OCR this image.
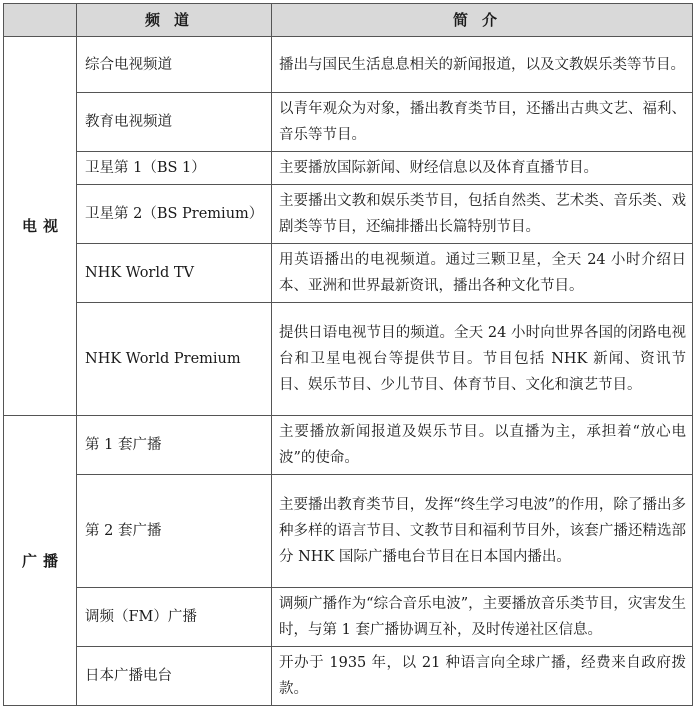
	频道	简介
电视	综合电视频道	播出与国民生活息息相关的新闻报道，以及文教娱乐类等节目。
	教育电视频道	以青年观众为对象，播出教育类节目，还播出古典文艺、福利、音乐等节目。
	卫星第 1（BS 1）	主要播放国际新闻、财经信息以及体育直播节目。
	卫星第 2（BS Premium）	主要播出文教和娱乐类节目，包括自然类、艺术类、音乐类、戏剧类等节目，还编排播出长篇特别节目。
	NHK World TV	用英语播出的电视频道。通过三颗卫星，全天 24 小时介绍日本、亚洲和世界最新资讯，播出各种文化节目。
	NHK World Premium	提供日语电视节目的频道。全天 24 小时向世界各国的闭路电视台和卫星电视台等提供节目。节目包括 NHK 新闻、资讯节目、娱乐节目、少儿节目、体育节目、文化和演艺节目。
广播	第 1 套广播	主要播放新闻报道及娱乐节目。以直播为主，承担着“放心电波”的使命。
	第 2 套广播	主要播出教育类节目，发挥“终生学习电波”的作用，除了播出多种多样的语言节目、文教节目和福利节目外，该套广播还精选部分 NHK 国际广播电台节目在日本国内播出。
	调频（FM）广播	调频广播作为“综合音乐电波”，主要播放音乐类节目，灾害发生时，与第 1 套广播协调互补，及时传递社区信息。
	日本广播电台	开办于 1935 年，以 21 种语言向全球广播，经费来自政府拨款。
